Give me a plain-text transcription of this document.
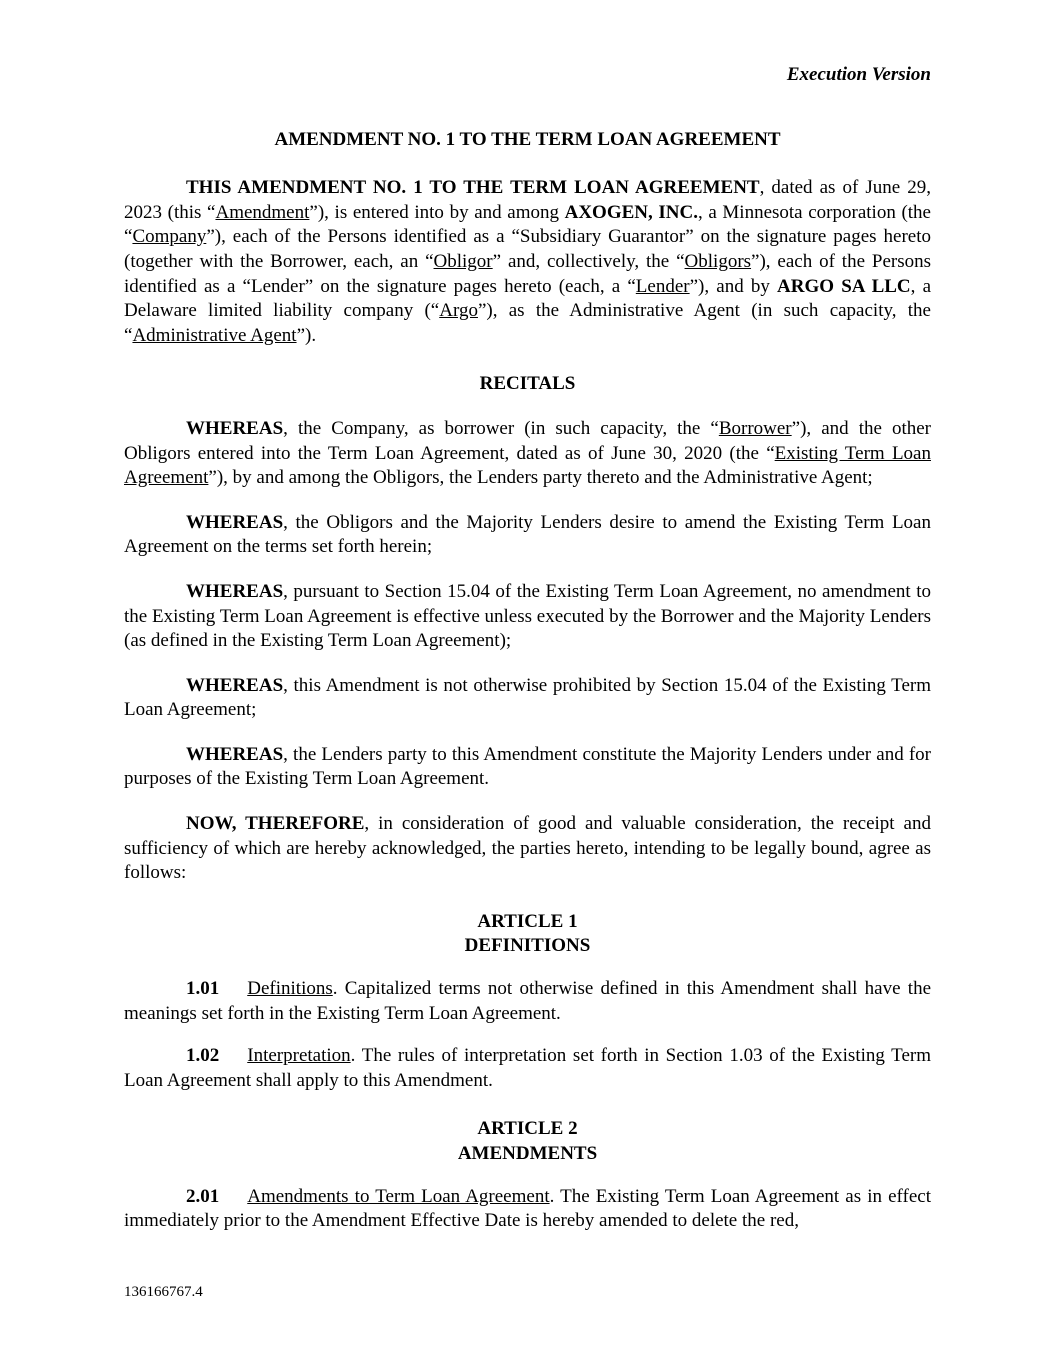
Execution Version

AMENDMENT NO. 1 TO THE TERM LOAN AGREEMENT

THIS AMENDMENT NO. 1 TO THE TERM LOAN AGREEMENT, dated as of June 29, 2023 (this “Amendment”), is entered into by and among AXOGEN, INC., a Minnesota corporation (the “Company”), each of the Persons identified as a “Subsidiary Guarantor” on the signature pages hereto (together with the Borrower, each, an “Obligor” and, collectively, the “Obligors”), each of the Persons identified as a “Lender” on the signature pages hereto (each, a “Lender”), and by ARGO SA LLC, a Delaware limited liability company (“Argo”), as the Administrative Agent (in such capacity, the “Administrative Agent”).

RECITALS

WHEREAS, the Company, as borrower (in such capacity, the “Borrower”), and the other Obligors entered into the Term Loan Agreement, dated as of June 30, 2020 (the “Existing Term Loan Agreement”), by and among the Obligors, the Lenders party thereto and the Administrative Agent;

WHEREAS, the Obligors and the Majority Lenders desire to amend the Existing Term Loan Agreement on the terms set forth herein;

WHEREAS, pursuant to Section 15.04 of the Existing Term Loan Agreement, no amendment to the Existing Term Loan Agreement is effective unless executed by the Borrower and the Majority Lenders (as defined in the Existing Term Loan Agreement);

WHEREAS, this Amendment is not otherwise prohibited by Section 15.04 of the Existing Term Loan Agreement;

WHEREAS, the Lenders party to this Amendment constitute the Majority Lenders under and for purposes of the Existing Term Loan Agreement.

NOW, THEREFORE, in consideration of good and valuable consideration, the receipt and sufficiency of which are hereby acknowledged, the parties hereto, intending to be legally bound, agree as follows:

ARTICLE 1
DEFINITIONS

1.01 Definitions. Capitalized terms not otherwise defined in this Amendment shall have the meanings set forth in the Existing Term Loan Agreement.

1.02 Interpretation. The rules of interpretation set forth in Section 1.03 of the Existing Term Loan Agreement shall apply to this Amendment.

ARTICLE 2
AMENDMENTS

2.01 Amendments to Term Loan Agreement. The Existing Term Loan Agreement as in effect immediately prior to the Amendment Effective Date is hereby amended to delete the red,

136166767.4
